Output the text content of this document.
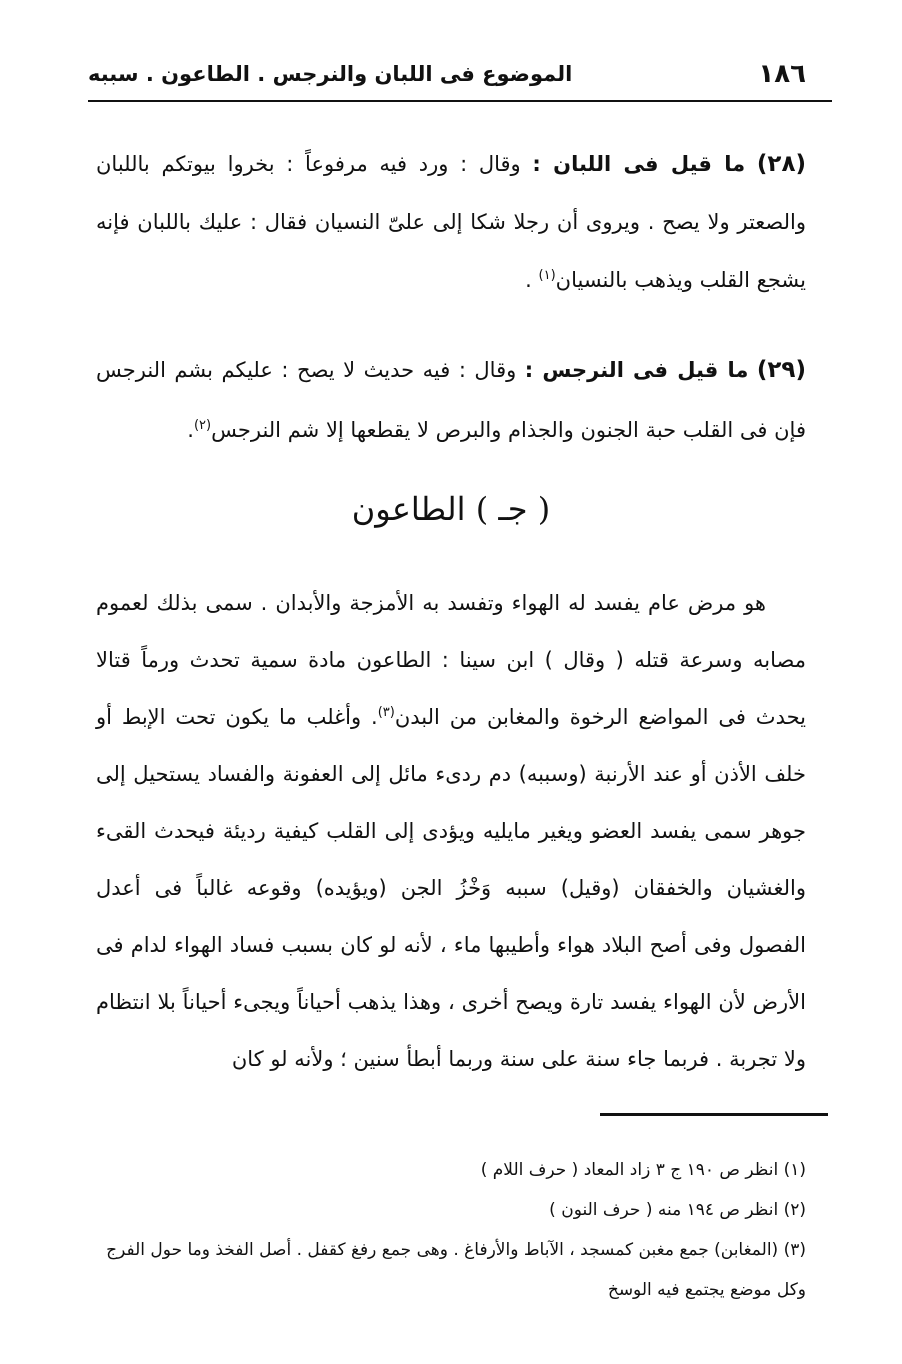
١٨٦
الموضوع فى اللبان والنرجس . الطاعون . سببه

(٢٨) ما قيل فى اللبان : وقال : ورد فيه مرفوعاً : بخروا بيوتكم باللبان والصعتر ولا يصح . ويروى أن رجلا شكا إلى علىّ النسيان فقال : عليك باللبان فإنه يشجع القلب ويذهب بالنسيان$^{(١)}$ .

(٢٩) ما قيل فى النرجس : وقال : فيه حديث لا يصح : عليكم بشم النرجس فإن فى القلب حبة الجنون والجذام والبرص لا يقطعها إلا شم النرجس$^{(٢)}$.

( جـ ) الطاعون

هو مرض عام يفسد له الهواء وتفسد به الأمزجة والأبدان . سمى بذلك لعموم مصابه وسرعة قتله ( وقال ) ابن سينا : الطاعون مادة سمية تحدث ورماً قتالا يحدث فى المواضع الرخوة والمغابن من البدن$^{(٣)}$. وأغلب ما يكون تحت الإبط أو خلف الأذن أو عند الأرنبة (وسببه) دم ردىء مائل إلى العفونة والفساد يستحيل إلى جوهر سمى يفسد العضو ويغير مايليه ويؤدى إلى القلب كيفية رديئة فيحدث القىء والغشيان والخفقان (وقيل) سببه وَخْزُ الجن (ويؤيده) وقوعه غالباً فى أعدل الفصول وفى أصح البلاد هواء وأطيبها ماء ، لأنه لو كان بسبب فساد الهواء لدام فى الأرض لأن الهواء يفسد تارة ويصح أخرى ، وهذا يذهب أحياناً ويجىء أحياناً بلا انتظام ولا تجربة . فربما جاء سنة على سنة وربما أبطأ سنين ؛ ولأنه لو كان

(١) انظر ص ١٩٠ ج ٣ زاد المعاد ( حرف اللام )

(٢) انظر ص ١٩٤ منه ( حرف النون )

(٣) (المغابن) جمع مغبن كمسجد ، الآباط والأرفاغ . وهى جمع رفغ كقفل . أصل الفخذ وما حول الفرج وكل موضع يجتمع فيه الوسخ
